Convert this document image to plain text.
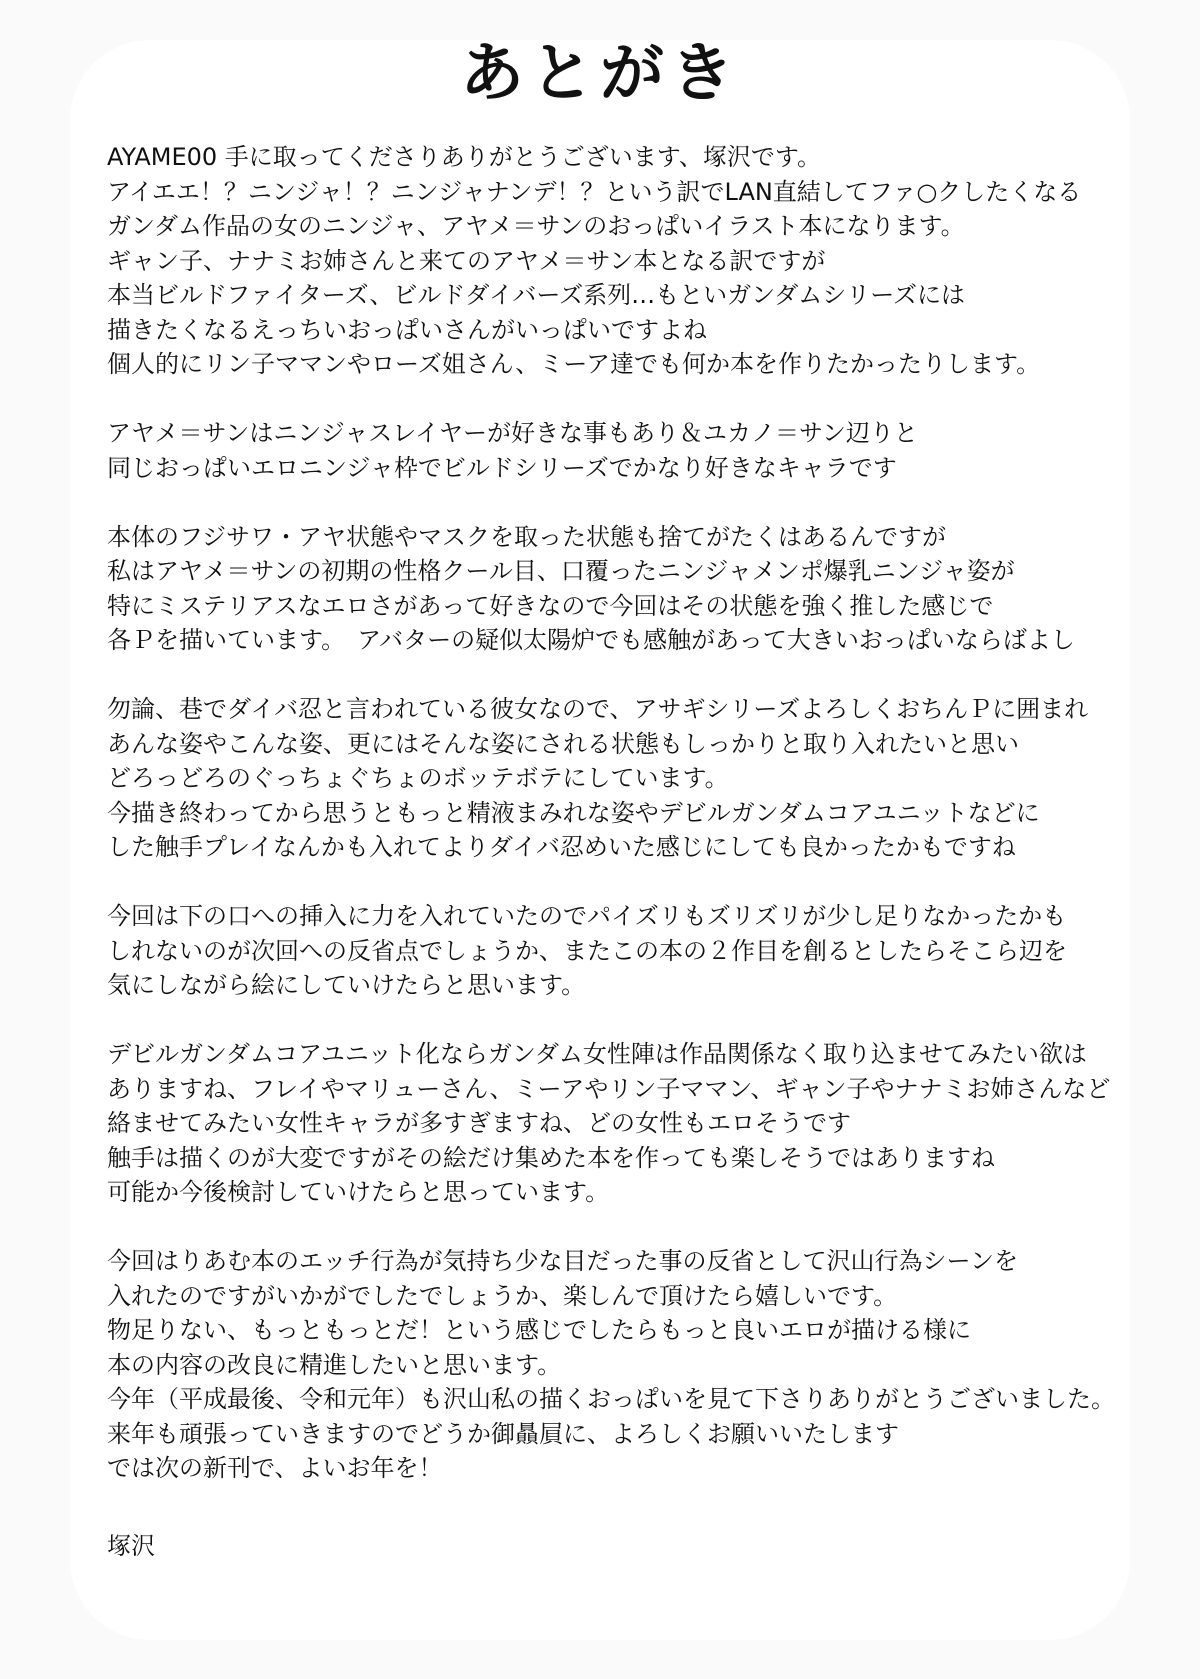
あとがき
AYAME00 手に取ってくださりありがとうございます、塚沢です。
アイエエ！？ニンジャ！？ニンジャナンデ！？という訳でLAN直結してファ○クしたくなる
ガンダム作品の女のニンジャ、アヤメ＝サンのおっぱいイラスト本になります。
ギャン子、ナナミお姉さんと来てのアヤメ＝サン本となる訳ですが
本当ビルドファイターズ、ビルドダイバーズ系列…もといガンダムシリーズには
描きたくなるえっちいおっぱいさんがいっぱいですよね
個人的にリン子ママンやローズ姐さん、ミーア達でも何か本を作りたかったりします。
アヤメ＝サンはニンジャスレイヤーが好きな事もあり＆ユカノ＝サン辺りと
同じおっぱいエロニンジャ枠でビルドシリーズでかなり好きなキャラです
本体のフジサワ・アヤ状態やマスクを取った状態も捨てがたくはあるんですが
私はアヤメ＝サンの初期の性格クール目、口覆ったニンジャメンポ爆乳ニンジャ姿が
特にミステリアスなエロさがあって好きなので今回はその状態を強く推した感じで
各Ｐを描いています。　アバターの疑似太陽炉でも感触があって大きいおっぱいならばよし
勿論、巷でダイバ忍と言われている彼女なので、アサギシリーズよろしくおちんＰに囲まれ
あんな姿やこんな姿、更にはそんな姿にされる状態もしっかりと取り入れたいと思い
どろっどろのぐっちょぐちょのボッテボテにしています。
今描き終わってから思うともっと精液まみれな姿やデビルガンダムコアユニットなどに
した触手プレイなんかも入れてよりダイバ忍めいた感じにしても良かったかもですね
今回は下の口への挿入に力を入れていたのでパイズリもズリズリが少し足りなかったかも
しれないのが次回への反省点でしょうか、またこの本の２作目を創るとしたらそこら辺を
気にしながら絵にしていけたらと思います。
デビルガンダムコアユニット化ならガンダム女性陣は作品関係なく取り込ませてみたい欲は
ありますね、フレイやマリューさん、ミーアやリン子ママン、ギャン子やナナミお姉さんなど
絡ませてみたい女性キャラが多すぎますね、どの女性もエロそうです
触手は描くのが大変ですがその絵だけ集めた本を作っても楽しそうではありますね
可能か今後検討していけたらと思っています。
今回はりあむ本のエッチ行為が気持ち少な目だった事の反省として沢山行為シーンを
入れたのですがいかがでしたでしょうか、楽しんで頂けたら嬉しいです。
物足りない、もっともっとだ！という感じでしたらもっと良いエロが描ける様に
本の内容の改良に精進したいと思います。
今年（平成最後、令和元年）も沢山私の描くおっぱいを見て下さりありがとうございました。
来年も頑張っていきますのでどうか御贔屓に、よろしくお願いいたします
では次の新刊で、よいお年を！
塚沢
